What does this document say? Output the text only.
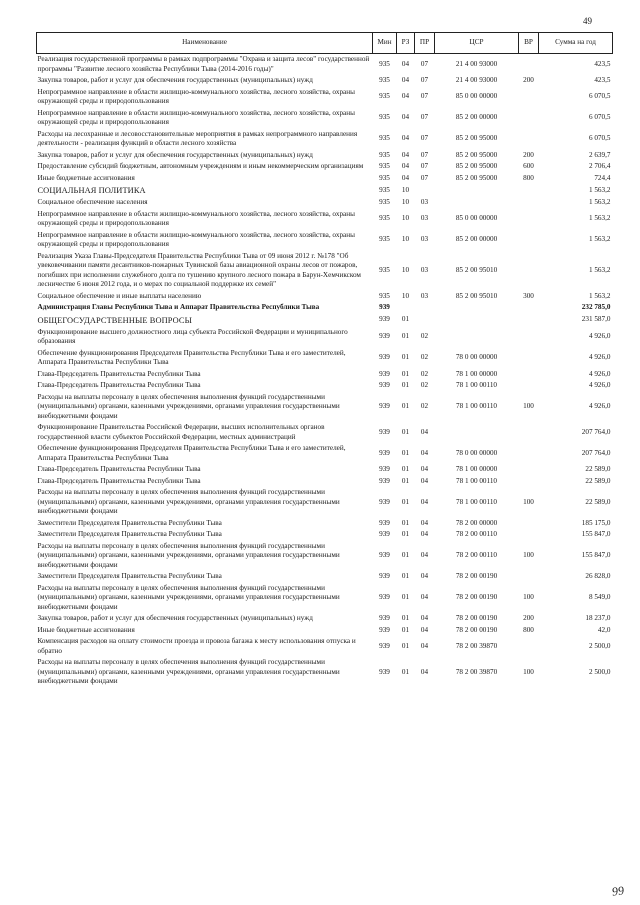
49
Наименование	Мин	РЗ	ПР	ЦСР	ВР	Сумма на год
Реализация государственной программы в рамках подпрограммы "Охрана и защита лесов" государственной программы "Развитие лесного хозяйства Республики Тыва (2014-2016 годы)"	935	04	07	21 4 00 93000		423,5
Закупка товаров, работ и услуг для обеспечения государственных (муниципальных) нужд	935	04	07	21 4 00 93000	200	423,5
Непрограммное направление в области жилищно-коммунального хозяйства, лесного хозяйства, охраны окружающей среды и природопользования	935	04	07	85 0 00 00000		6 070,5
Непрограммное направление в области жилищно-коммунального хозяйства, лесного хозяйства, охраны окружающей среды и природопользования	935	04	07	85 2 00 00000		6 070,5
Расходы на лесохранные и лесовосстановительные мероприятия в рамках непрограммного направления деятельности - реализация функций в области лесного хозяйства	935	04	07	85 2 00 95000		6 070,5
Закупка товаров, работ и услуг для обеспечения государственных (муниципальных) нужд	935	04	07	85 2 00 95000	200	2 639,7
Предоставление субсидий бюджетным, автономным учреждениям и иным некоммерческим организациям	935	04	07	85 2 00 95000	600	2 706,4
Иные бюджетные ассигнования	935	04	07	85 2 00 95000	800	724,4
СОЦИАЛЬНАЯ ПОЛИТИКА	935	10				1 563,2
Социальное обеспечение населения	935	10	03			1 563,2
Непрограммное направление в области жилищно-коммунального хозяйства, лесного хозяйства, охраны окружающей среды и природопользования	935	10	03	85 0 00 00000		1 563,2
Непрограммное направление в области жилищно-коммунального хозяйства, лесного хозяйства, охраны окружающей среды и природопользования	935	10	03	85 2 00 00000		1 563,2
Реализация Указа Главы-Председателя Правительства Республики Тыва от 09 июня 2012 г. №178 "Об увековечивании памяти десантников-пожарных Тувинской базы авиационной охраны лесов от пожаров, погибших при исполнении служебного долга по тушению крупного лесного пожара в Барун-Хемчикском лесничестве 6 июня 2012 года, и о мерах по социальной поддержке их семей"	935	10	03	85 2 00 95010		1 563,2
Социальное обеспечение и иные выплаты населению	935	10	03	85 2 00 95010	300	1 563,2
Администрация Главы Республики Тыва и Аппарат Правительства Республики Тыва	939					232 785,0
ОБЩЕГОСУДАРСТВЕННЫЕ ВОПРОСЫ	939	01				231 587,0
Функционирование высшего должностного лица субъекта Российской Федерации и муниципального образования	939	01	02			4 926,0
Обеспечение функционирования Председателя Правительства Республики Тыва и его заместителей, Аппарата Правительства Республики Тыва	939	01	02	78 0 00 00000		4 926,0
Глава-Председатель Правительства Республики Тыва	939	01	02	78 1 00 00000		4 926,0
Глава-Председатель Правительства Республики Тыва	939	01	02	78 1 00 00110		4 926,0
Расходы на выплаты персоналу в целях обеспечения выполнения функций государственными (муниципальными) органами, казенными учреждениями, органами управления государственными внебюджетными фондами	939	01	02	78 1 00 00110	100	4 926,0
Функционирование Правительства Российской Федерации, высших исполнительных органов государственной власти субъектов Российской Федерации, местных администраций	939	01	04			207 764,0
Обеспечение функционирования Председателя Правительства Республики Тыва и его заместителей, Аппарата Правительства Республики Тыва	939	01	04	78 0 00 00000		207 764,0
Глава-Председатель Правительства Республики Тыва	939	01	04	78 1 00 00000		22 589,0
Глава-Председатель Правительства Республики Тыва	939	01	04	78 1 00 00110		22 589,0
Расходы на выплаты персоналу в целях обеспечения выполнения функций государственными (муниципальными) органами, казенными учреждениями, органами управления государственными внебюджетными фондами	939	01	04	78 1 00 00110	100	22 589,0
Заместители Председателя Правительства Республики Тыва	939	01	04	78 2 00 00000		185 175,0
Заместители Председателя Правительства Республики Тыва	939	01	04	78 2 00 00110		155 847,0
Расходы на выплаты персоналу в целях обеспечения выполнения функций государственными (муниципальными) органами, казенными учреждениями, органами управления государственными внебюджетными фондами	939	01	04	78 2 00 00110	100	155 847,0
Заместители Председателя Правительства Республики Тыва	939	01	04	78 2 00 00190		26 828,0
Расходы на выплаты персоналу в целях обеспечения выполнения функций государственными (муниципальными) органами, казенными учреждениями, органами управления государственными внебюджетными фондами	939	01	04	78 2 00 00190	100	8 549,0
Закупка товаров, работ и услуг для обеспечения государственных (муниципальных) нужд	939	01	04	78 2 00 00190	200	18 237,0
Иные бюджетные ассигнования	939	01	04	78 2 00 00190	800	42,0
Компенсация расходов на оплату стоимости проезда и провоза багажа к месту использования отпуска и обратно	939	01	04	78 2 00 39870		2 500,0
Расходы на выплаты персоналу в целях обеспечения выполнения функций государственными (муниципальными) органами, казенными учреждениями, органами управления государственными внебюджетными фондами	939	01	04	78 2 00 39870	100	2 500,0
99
